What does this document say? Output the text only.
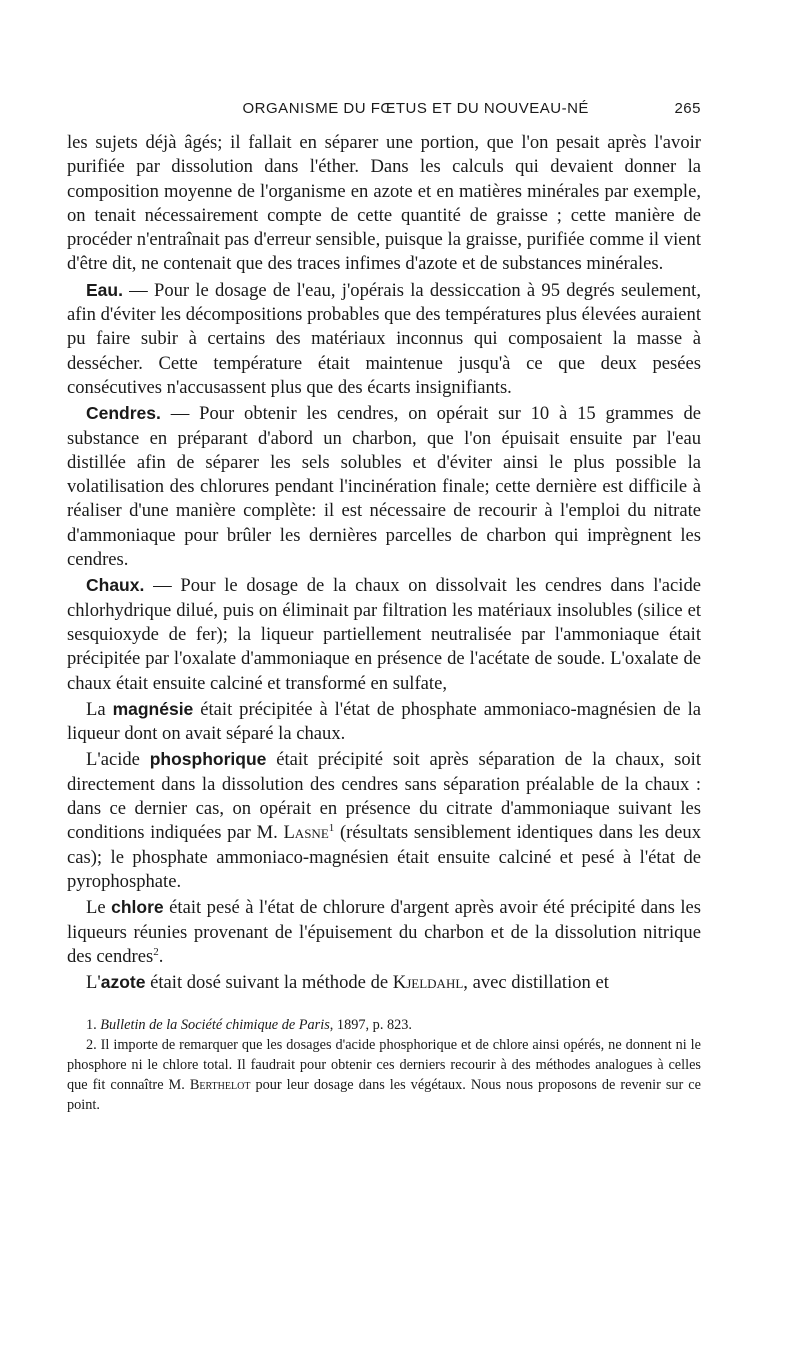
ORGANISME DU FŒTUS ET DU NOUVEAU-NÉ	265

les sujets déjà âgés; il fallait en séparer une portion, que l'on pesait après l'avoir purifiée par dissolution dans l'éther. Dans les calculs qui devaient donner la composition moyenne de l'organisme en azote et en matières minérales par exemple, on tenait nécessairement compte de cette quantité de graisse ; cette manière de procéder n'entraînait pas d'erreur sensible, puisque la graisse, purifiée comme il vient d'être dit, ne contenait que des traces infimes d'azote et de substances minérales.

Eau. — Pour le dosage de l'eau, j'opérais la dessiccation à 95 degrés seulement, afin d'éviter les décompositions probables que des températures plus élevées auraient pu faire subir à certains des matériaux inconnus qui composaient la masse à dessécher. Cette température était maintenue jusqu'à ce que deux pesées consécutives n'accusassent plus que des écarts insignifiants.

Cendres. — Pour obtenir les cendres, on opérait sur 10 à 15 grammes de substance en préparant d'abord un charbon, que l'on épuisait ensuite par l'eau distillée afin de séparer les sels solubles et d'éviter ainsi le plus possible la volatilisation des chlorures pendant l'incinération finale; cette dernière est difficile à réaliser d'une manière complète: il est nécessaire de recourir à l'emploi du nitrate d'ammoniaque pour brûler les dernières parcelles de charbon qui imprègnent les cendres.

Chaux. — Pour le dosage de la chaux on dissolvait les cendres dans l'acide chlorhydrique dilué, puis on éliminait par filtration les matériaux insolubles (silice et sesquioxyde de fer); la liqueur partiellement neutralisée par l'ammoniaque était précipitée par l'oxalate d'ammoniaque en présence de l'acétate de soude. L'oxalate de chaux était ensuite calciné et transformé en sulfate,

La magnésie était précipitée à l'état de phosphate ammoniaco-magnésien de la liqueur dont on avait séparé la chaux.

L'acide phosphorique était précipité soit après séparation de la chaux, soit directement dans la dissolution des cendres sans séparation préalable de la chaux : dans ce dernier cas, on opérait en présence du citrate d'ammoniaque suivant les conditions indiquées par M. Lasne$^1$ (résultats sensiblement identiques dans les deux cas); le phosphate ammoniaco-magnésien était ensuite calciné et pesé à l'état de pyrophosphate.

Le chlore était pesé à l'état de chlorure d'argent après avoir été précipité dans les liqueurs réunies provenant de l'épuisement du charbon et de la dissolution nitrique des cendres$^2$.

L'azote était dosé suivant la méthode de Kjeldahl, avec distillation et

1. Bulletin de la Société chimique de Paris, 1897, p. 823.

2. Il importe de remarquer que les dosages d'acide phosphorique et de chlore ainsi opérés, ne donnent ni le phosphore ni le chlore total. Il faudrait pour obtenir ces derniers recourir à des méthodes analogues à celles que fit connaître M. Berthelot pour leur dosage dans les végétaux. Nous nous proposons de revenir sur ce point.
